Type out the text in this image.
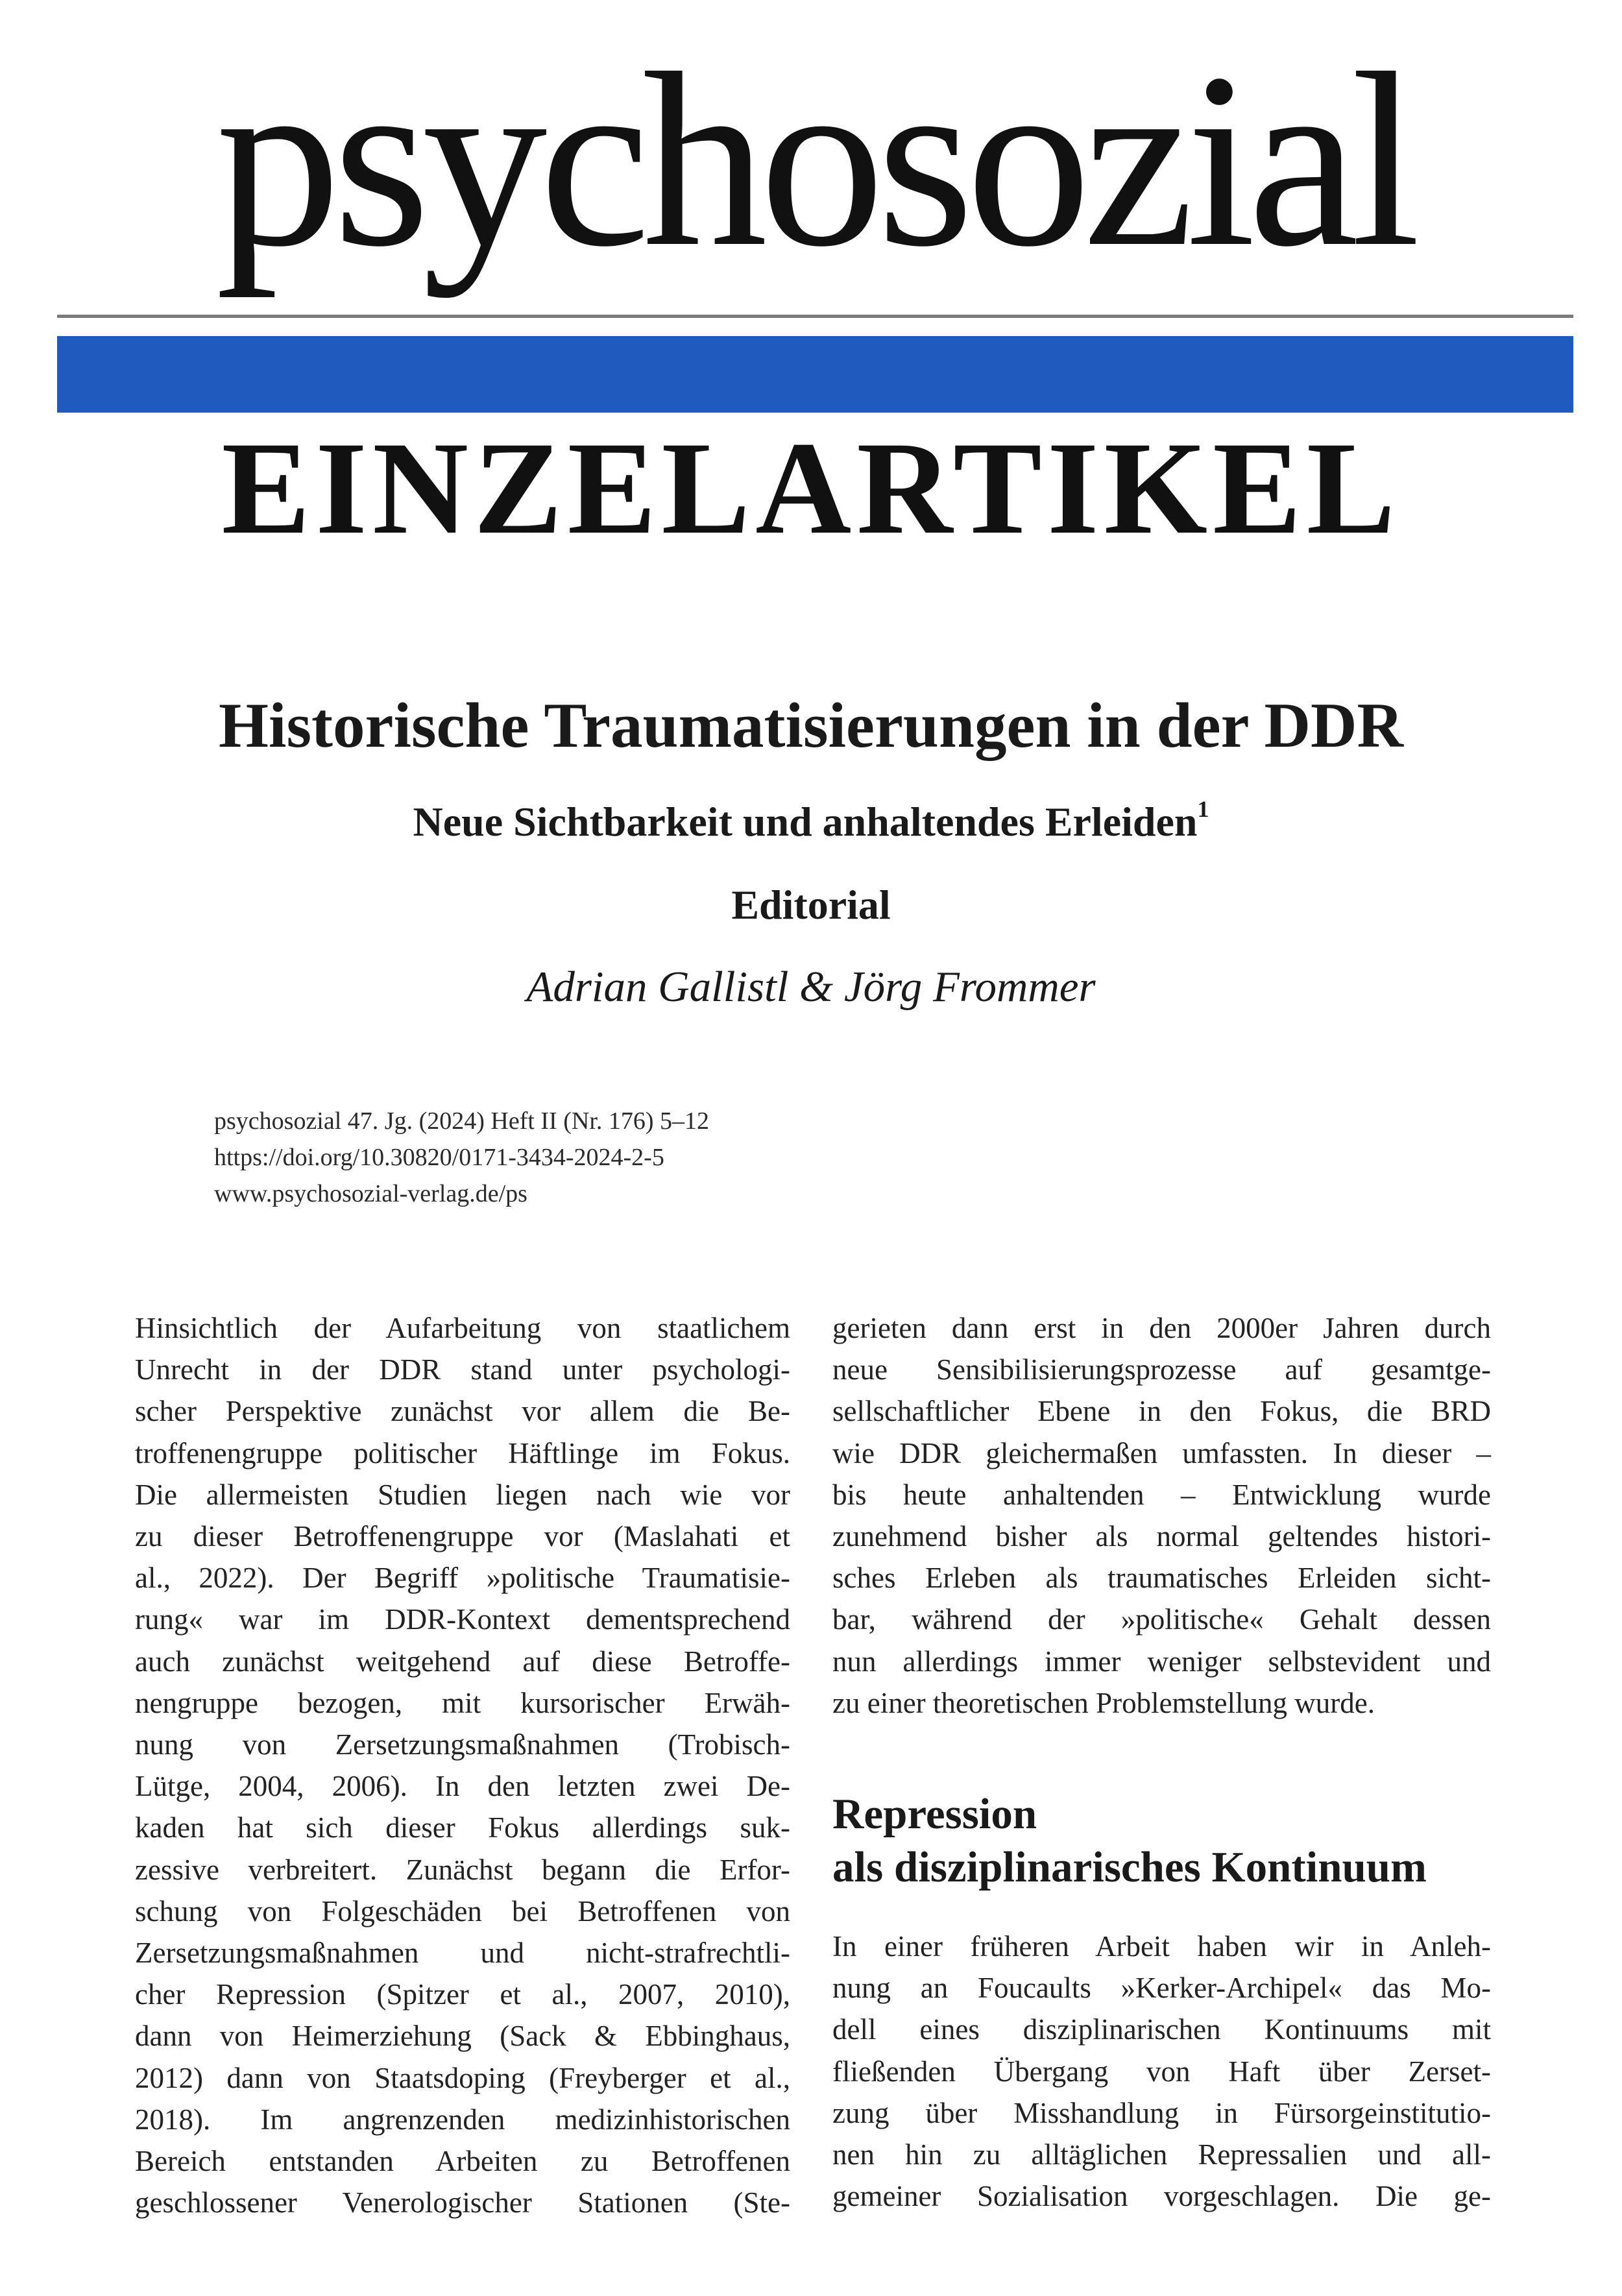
psychosozial
EINZELARTIKEL
Historische Traumatisierungen in der DDR
Neue Sichtbarkeit und anhaltendes Erleiden$^1$
Editorial
Adrian Gallistl & Jörg Frommer
psychosozial 47. Jg. (2024) Heft II (Nr. 176) 5–12
https://doi.org/10.30820/0171-3434-2024-2-5
www.psychosozial-verlag.de/ps

Hinsichtlich der Aufarbeitung von staatlichem

Unrecht in der DDR stand unter psychologi-

scher Perspektive zunächst vor allem die Be-

troffenengruppe politischer Häftlinge im Fokus.

Die allermeisten Studien liegen nach wie vor

zu dieser Betroffenengruppe vor (Maslahati et

al., 2022). Der Begriff »politische Traumatisie-

rung« war im DDR-Kontext dementsprechend

auch zunächst weitgehend auf diese Betroffe-

nengruppe bezogen, mit kursorischer Erwäh-

nung von Zersetzungsmaßnahmen (Trobisch-

Lütge, 2004, 2006). In den letzten zwei De-

kaden hat sich dieser Fokus allerdings suk-

zessive verbreitert. Zunächst begann die Erfor-

schung von Folgeschäden bei Betroffenen von

Zersetzungsmaßnahmen und nicht-strafrechtli-

cher Repression (Spitzer et al., 2007, 2010),

dann von Heimerziehung (Sack & Ebbinghaus,

2012) dann von Staatsdoping (Freyberger et al.,

2018). Im angrenzenden medizinhistorischen

Bereich entstanden Arbeiten zu Betroffenen

geschlossener Venerologischer Stationen (Ste-

gerieten dann erst in den 2000er Jahren durch

neue Sensibilisierungsprozesse auf gesamtge-

sellschaftlicher Ebene in den Fokus, die BRD

wie DDR gleichermaßen umfassten. In dieser –

bis heute anhaltenden – Entwicklung wurde

zunehmend bisher als normal geltendes histori-

sches Erleben als traumatisches Erleiden sicht-

bar, während der »politische« Gehalt dessen

nun allerdings immer weniger selbstevident und

zu einer theoretischen Problemstellung wurde.

Repression
als disziplinarisches Kontinuum

In einer früheren Arbeit haben wir in Anleh-

nung an Foucaults »Kerker-Archipel« das Mo-

dell eines disziplinarischen Kontinuums mit

fließenden Übergang von Haft über Zerset-

zung über Misshandlung in Fürsorgeinstitutio-

nen hin zu alltäglichen Repressalien und all-

gemeiner Sozialisation vorgeschlagen. Die ge-
